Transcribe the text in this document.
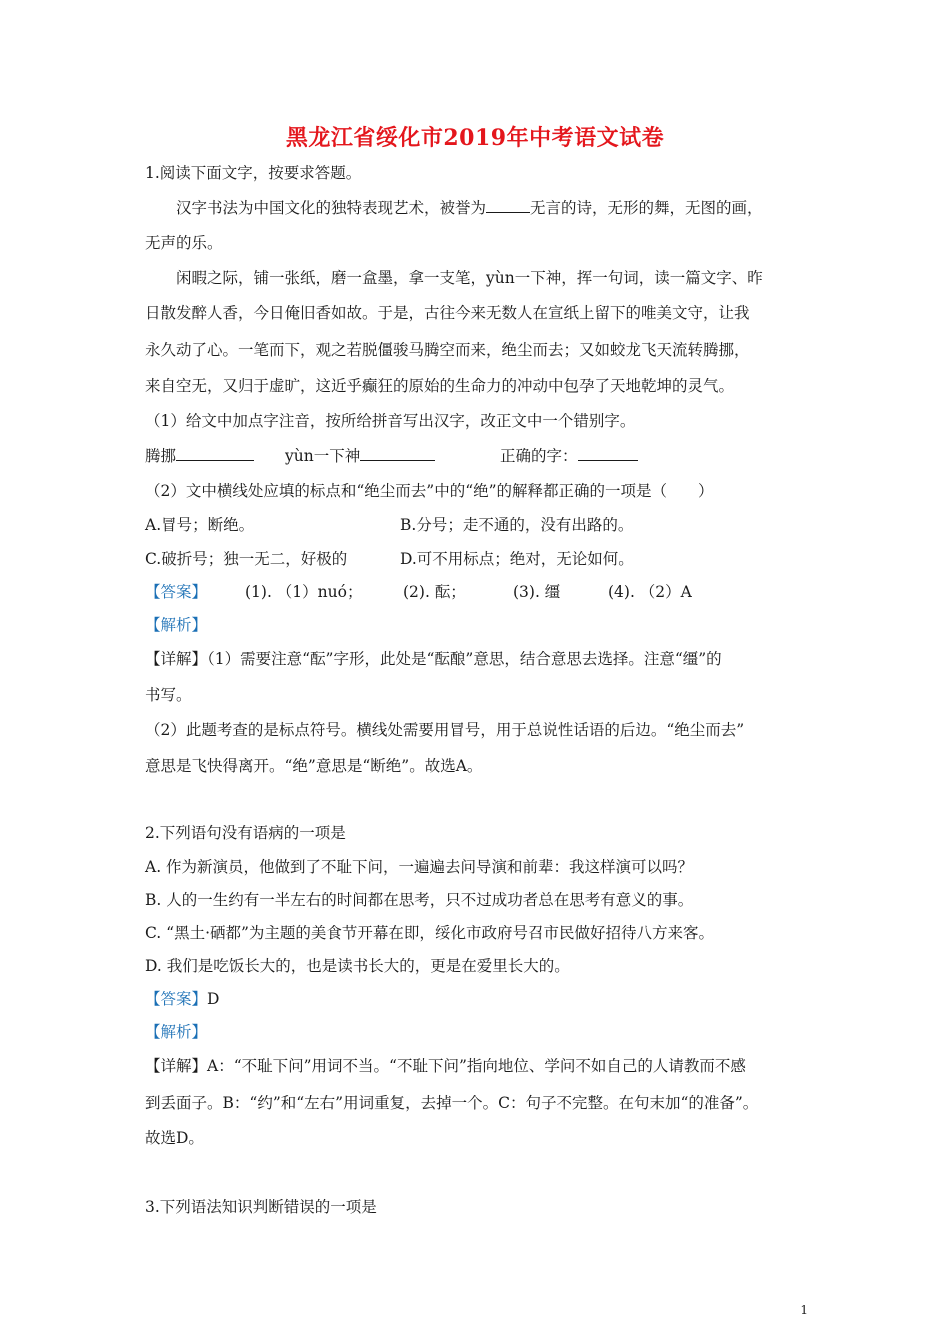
黑龙江省绥化市2019年中考语文试卷
1.阅读下面文字，按要求答题。
汉字书法为中国文化的独特表现艺术，被誉为	无言的诗，无形的舞，无图的画，
无声的乐。
闲暇之际，铺一张纸，磨一盒墨，拿一支笔，yùn一下神，挥一句词，读一篇文字、昨
日散发醉人香，今日俺旧香如故。于是，古往今来无数人在宣纸上留下的唯美文守，让我
永久动了心。一笔而下，观之若脱僵骏马腾空而来，绝尘而去；又如蛟龙飞天流转腾挪，
来自空无，又归于虚旷，这近乎癫狂的原始的生命力的冲动中包孕了天地乾坤的灵气。
（1）给文中加点字注音，按所给拼音写出汉字，改正文中一个错别字。
腾挪	yùn一下神	正确的字：
（2）文中横线处应填的标点和“绝尘而去”中的“绝”的解释都正确的一项是（　　）
A.冒号；断绝。	B.分号；走不通的，没有出路的。
C.破折号；独一无二，好极的	D.可不用标点；绝对，无论如何。
【答案】 (1). （1）nuó；	(2). 酝；	(3). 缰	(4). （2）A
【解析】
【详解】（1）需要注意“酝”字形，此处是“酝酿”意思，结合意思去选择。注意“缰”的
书写。
（2）此题考查的是标点符号。横线处需要用冒号，用于总说性话语的后边。“绝尘而去”
意思是飞快得离开。“绝”意思是“断绝”。故选A。
2.下列语句没有语病的一项是
A. 作为新演员，他做到了不耻下问，一遍遍去问导演和前辈：我这样演可以吗？
B. 人的一生约有一半左右的时间都在思考，只不过成功者总在思考有意义的事。
C. “黑土·硒都”为主题的美食节开幕在即，绥化市政府号召市民做好招待八方来客。
D. 我们是吃饭长大的，也是读书长大的，更是在爱里长大的。
【答案】D
【解析】
【详解】A：“不耻下问”用词不当。“不耻下问”指向地位、学问不如自己的人请教而不感
到丢面子。B：“约”和“左右”用词重复，去掉一个。C：句子不完整。在句末加“的准备”。
故选D。
3.下列语法知识判断错误的一项是
1
